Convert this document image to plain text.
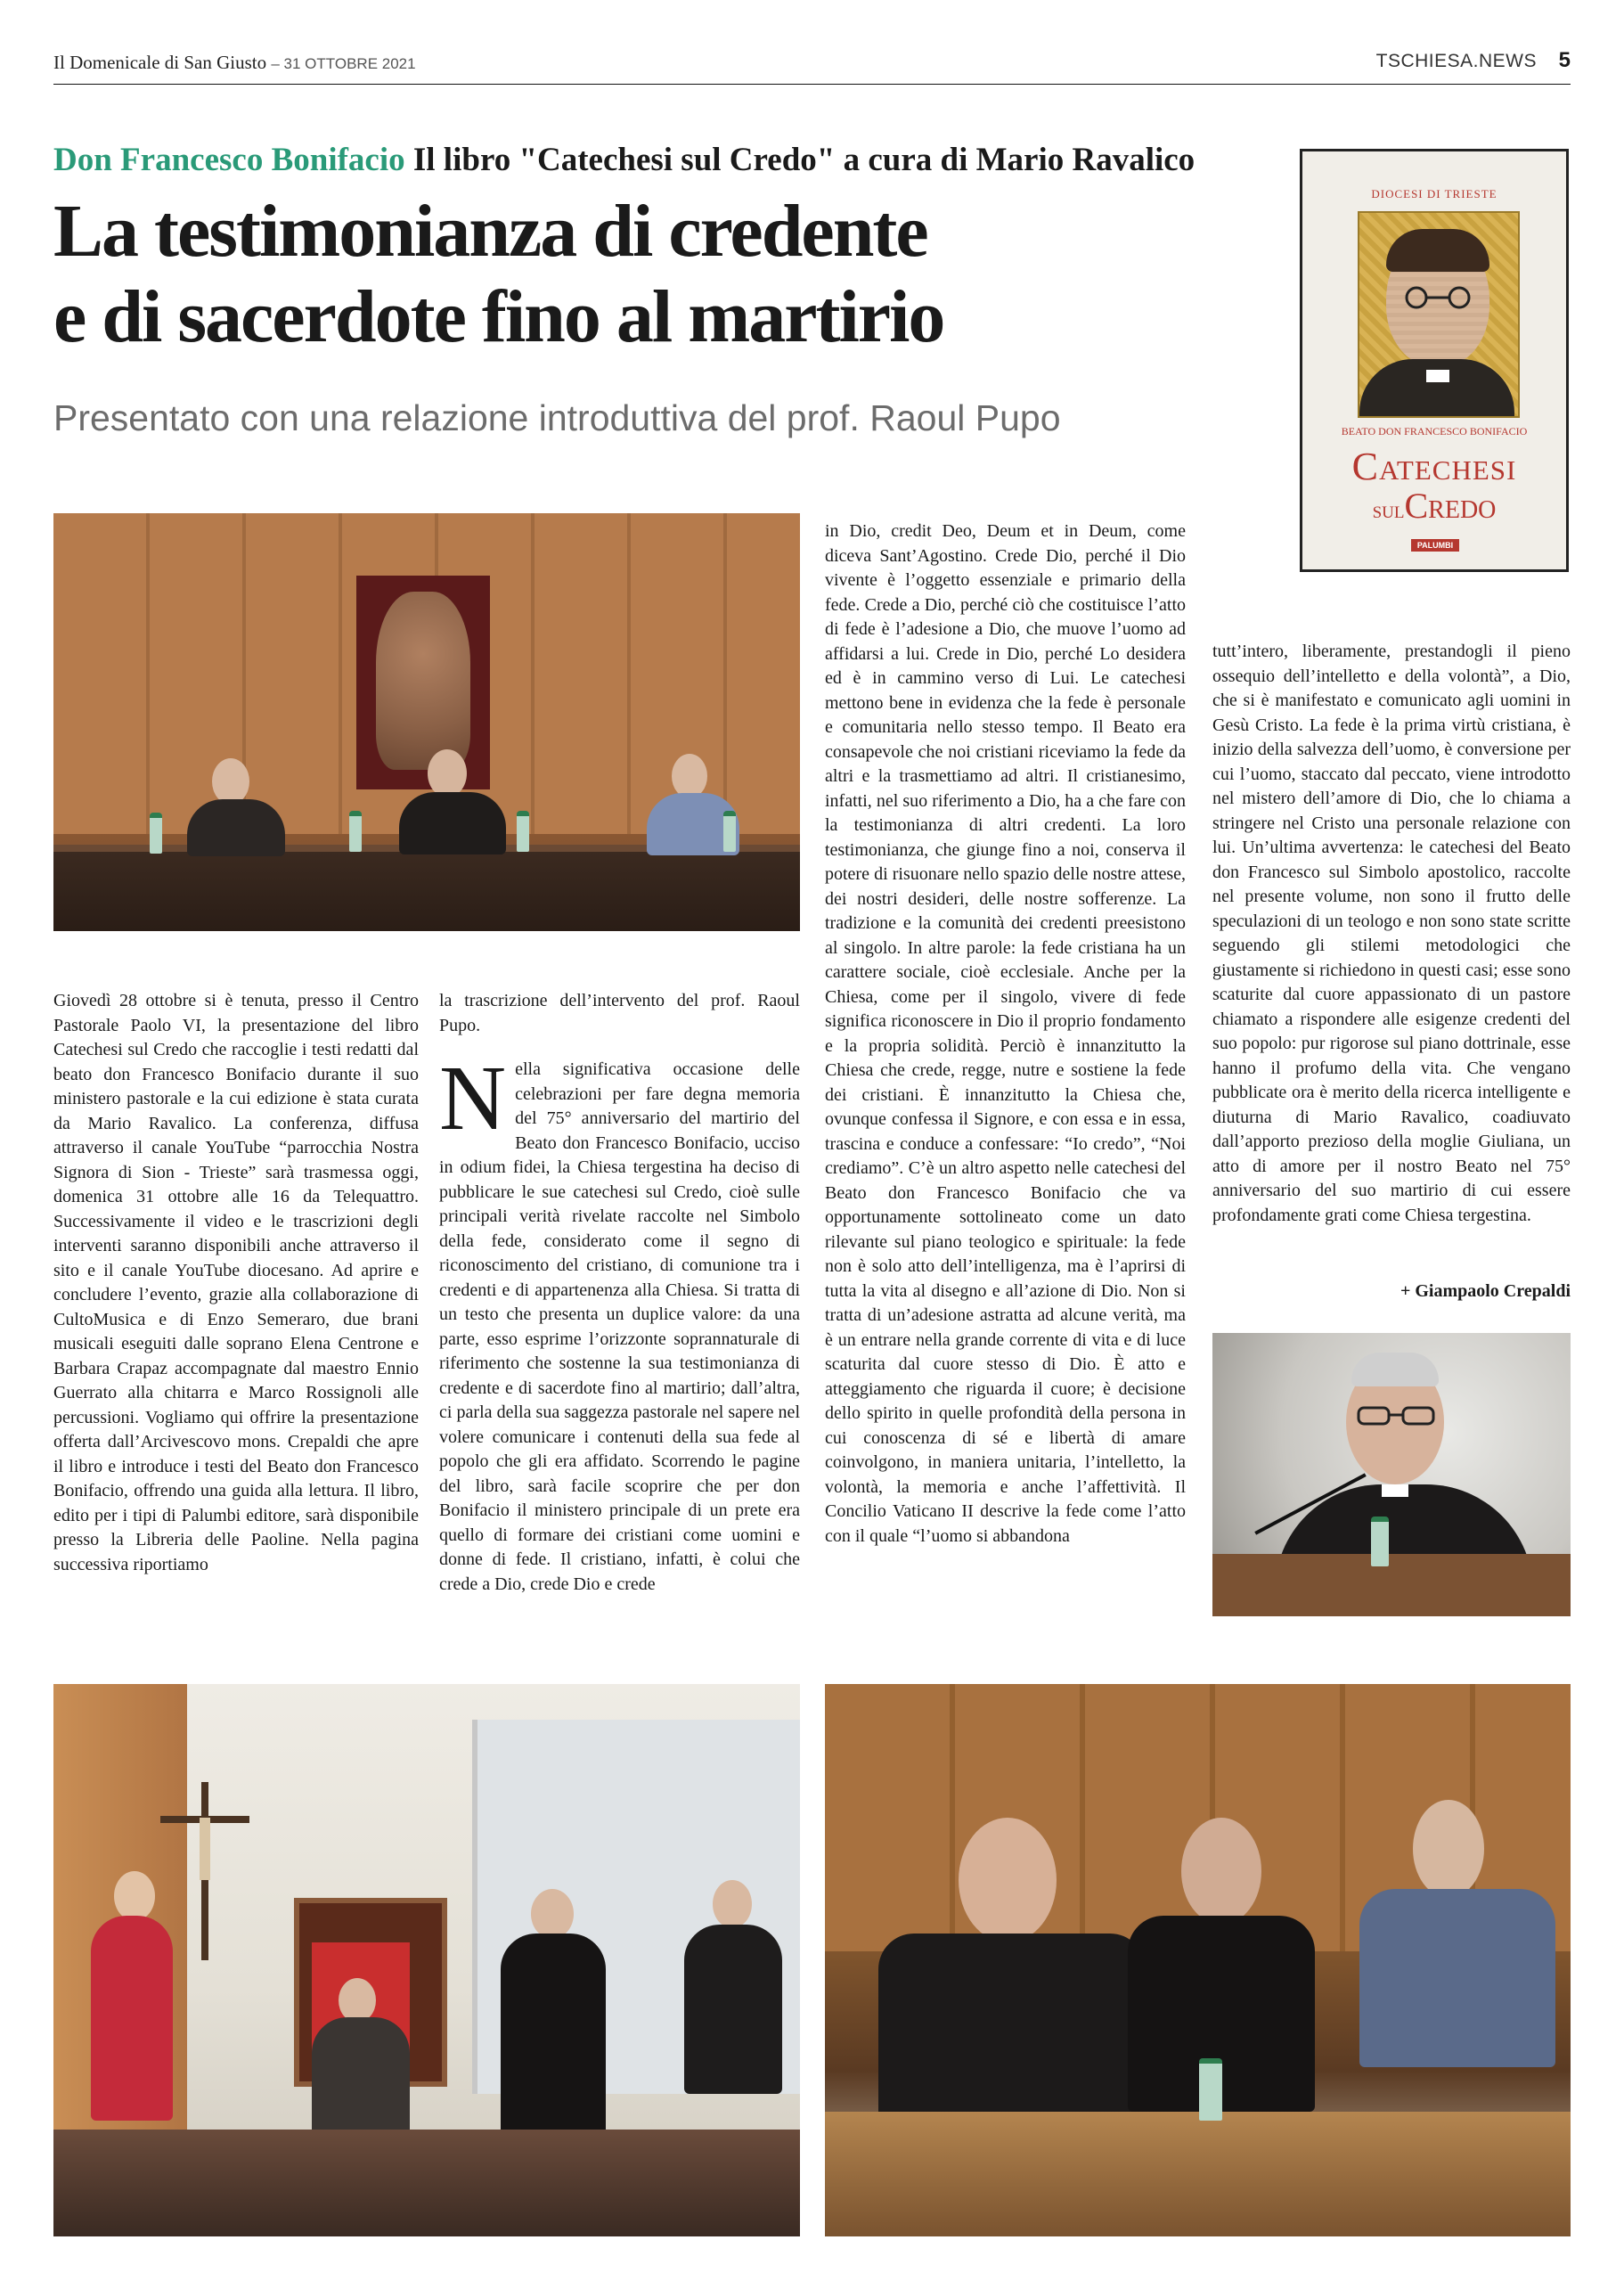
Il Domenicale di San Giusto – 31 OTTOBRE 2021	TSCHIESA.NEWS 5
Don Francesco Bonifacio Il libro "Catechesi sul Credo" a cura di Mario Ravalico
La testimonianza di credente
e di sacerdote fino al martirio
Presentato con una relazione introduttiva del prof. Raoul Pupo
DIOCESI DI TRIESTE
BEATO DON FRANCESCO BONIFACIO
Catechesi
sulCredo
PALUMBI

Giovedì 28 ottobre si è tenuta, presso il Centro Pastorale Paolo VI, la presentazione del libro Catechesi sul Credo che raccoglie i testi redatti dal beato don Francesco Bonifacio durante il suo ministero pastorale e la cui edizione è stata curata da Mario Ravalico. La conferenza, diffusa attraverso il canale YouTube “parrocchia Nostra Signora di Sion - Trieste” sarà trasmessa oggi, domenica 31 ottobre alle 16 da Telequattro. Successivamente il video e le trascrizioni degli interventi saranno disponibili anche attraverso il sito e il canale YouTube diocesano. Ad aprire e concludere l’evento, grazie alla collaborazione di CultoMusica e di Enzo Semeraro, due brani musicali eseguiti dalle soprano Elena Centrone e Barbara Crapaz accompagnate dal maestro Ennio Guerrato alla chitarra e Marco Rossignoli alle percussioni. Vogliamo qui offrire la presentazione offerta dall’Arcivescovo mons. Crepaldi che apre il libro e introduce i testi del Beato don Francesco Bonifacio, offrendo una guida alla lettura. Il libro, edito per i tipi di Palumbi editore, sarà disponibile presso la Libreria delle Paoline. Nella pagina successiva riportiamo

la trascrizione dell’intervento del prof. Raoul Pupo.

Nella significativa occasione delle celebrazioni per fare degna memoria del 75° anniversario del martirio del Beato don Francesco Bonifacio, ucciso in odium fidei, la Chiesa tergestina ha deciso di pubblicare le sue catechesi sul Credo, cioè sulle principali verità rivelate raccolte nel Simbolo della fede, considerato come il segno di riconoscimento del cristiano, di comunione tra i credenti e di appartenenza alla Chiesa. Si tratta di un testo che presenta un duplice valore: da una parte, esso esprime l’orizzonte soprannaturale di riferimento che sostenne la sua testimonianza di credente e di sacerdote fino al martirio; dall’altra, ci parla della sua saggezza pastorale nel sapere nel volere comunicare i contenuti della sua fede al popolo che gli era affidato. Scorrendo le pagine del libro, sarà facile scoprire che per don Bonifacio il ministero principale di un prete era quello di formare dei cristiani come uomini e donne di fede. Il cristiano, infatti, è colui che crede a Dio, crede Dio e crede

in Dio, credit Deo, Deum et in Deum, come diceva Sant’Agostino. Crede Dio, perché il Dio vivente è l’oggetto essenziale e primario della fede. Crede a Dio, perché ciò che costituisce l’atto di fede è l’adesione a Dio, che muove l’uomo ad affidarsi a lui. Crede in Dio, perché Lo desidera ed è in cammino verso di Lui. Le catechesi mettono bene in evidenza che la fede è personale e comunitaria nello stesso tempo. Il Beato era consapevole che noi cristiani riceviamo la fede da altri e la trasmettiamo ad altri. Il cristianesimo, infatti, nel suo riferimento a Dio, ha a che fare con la testimonianza di altri credenti. La loro testimonianza, che giunge fino a noi, conserva il potere di risuonare nello spazio delle nostre attese, dei nostri desideri, delle nostre sofferenze. La tradizione e la comunità dei credenti preesistono al singolo. In altre parole: la fede cristiana ha un carattere sociale, cioè ecclesiale. Anche per la Chiesa, come per il singolo, vivere di fede significa riconoscere in Dio il proprio fondamento e la propria solidità. Perciò è innanzitutto la Chiesa che crede, regge, nutre e sostiene la fede dei cristiani. È innanzitutto la Chiesa che, ovunque confessa il Signore, e con essa e in essa, trascina e conduce a confessare: “Io credo”, “Noi crediamo”. C’è un altro aspetto nelle catechesi del Beato don Francesco Bonifacio che va opportunamente sottolineato come un dato rilevante sul piano teologico e spirituale: la fede non è solo atto dell’intelligenza, ma è l’aprirsi di tutta la vita al disegno e all’azione di Dio. Non si tratta di un’adesione astratta ad alcune verità, ma è un entrare nella grande corrente di vita e di luce scaturita dal cuore stesso di Dio. È atto e atteggiamento che riguarda il cuore; è decisione dello spirito in quelle profondità della persona in cui conoscenza di sé e libertà di amare coinvolgono, in maniera unitaria, l’intelletto, la volontà, la memoria e anche l’affettività. Il Concilio Vaticano II descrive la fede come l’atto con il quale “l’uomo si abbandona

tutt’intero, liberamente, prestandogli il pieno ossequio dell’intelletto e della volontà”, a Dio, che si è manifestato e comunicato agli uomini in Gesù Cristo. La fede è la prima virtù cristiana, è inizio della salvezza dell’uomo, è conversione per cui l’uomo, staccato dal peccato, viene introdotto nel mistero dell’amore di Dio, che lo chiama a stringere nel Cristo una personale relazione con lui. Un’ultima avvertenza: le catechesi del Beato don Francesco sul Simbolo apostolico, raccolte nel presente volume, non sono il frutto delle speculazioni di un teologo e non sono state scritte seguendo gli stilemi metodologici che giustamente si richiedono in questi casi; esse sono scaturite dal cuore appassionato di un pastore chiamato a rispondere alle esigenze credenti del suo popolo: pur rigorose sul piano dottrinale, esse hanno il profumo della vita. Che vengano pubblicate ora è merito della ricerca intelligente e diuturna di Mario Ravalico, coadiuvato dall’apporto prezioso della moglie Giuliana, un atto di amore per il nostro Beato nel 75° anniversario del suo martirio di cui essere profondamente grati come Chiesa tergestina.

+ Giampaolo Crepaldi
